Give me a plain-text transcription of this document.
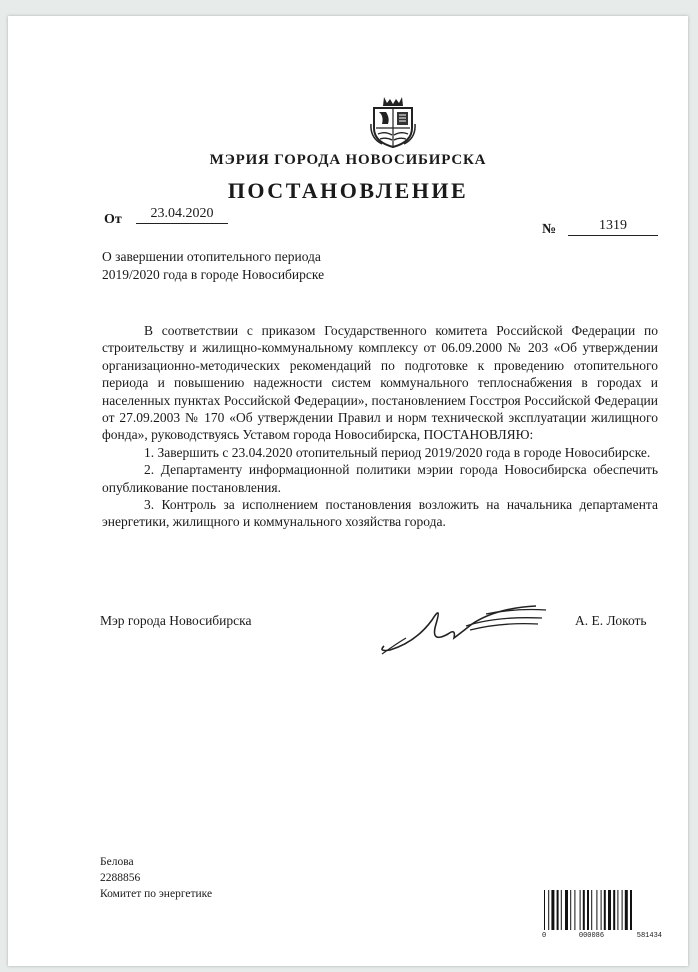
МЭРИЯ ГОРОДА НОВОСИБИРСКА
ПОСТАНОВЛЕНИЕ
От	23.04.2020
№	1319
О завершении отопительного периода
2019/2020 года в городе Новосибирске

В соответствии с приказом Государственного комитета Российской Федерации по строительству и жилищно-коммунальному комплексу от 06.09.2000 № 203 «Об утверждении организационно-методических рекомендаций по подготовке к проведению отопительного периода и повышению надежности систем коммунального теплоснабжения в городах и населенных пунктах Российской Федерации», постановлением Госстроя Российской Федерации от 27.09.2003 № 170 «Об утверждении Правил и норм технической эксплуатации жилищного фонда», руководствуясь Уставом города Новосибирска, ПОСТАНОВЛЯЮ:

1. Завершить с 23.04.2020 отопительный период 2019/2020 года в городе Новосибирске.

2. Департаменту информационной политики мэрии города Новосибирска обеспечить опубликование постановления.

3. Контроль за исполнением постановления возложить на начальника департамента энергетики, жилищного и коммунального хозяйства города.

Мэр города Новосибирска	А. Е. Локоть
Белова
2288856
Комитет по энергетике
0	000086	581434
